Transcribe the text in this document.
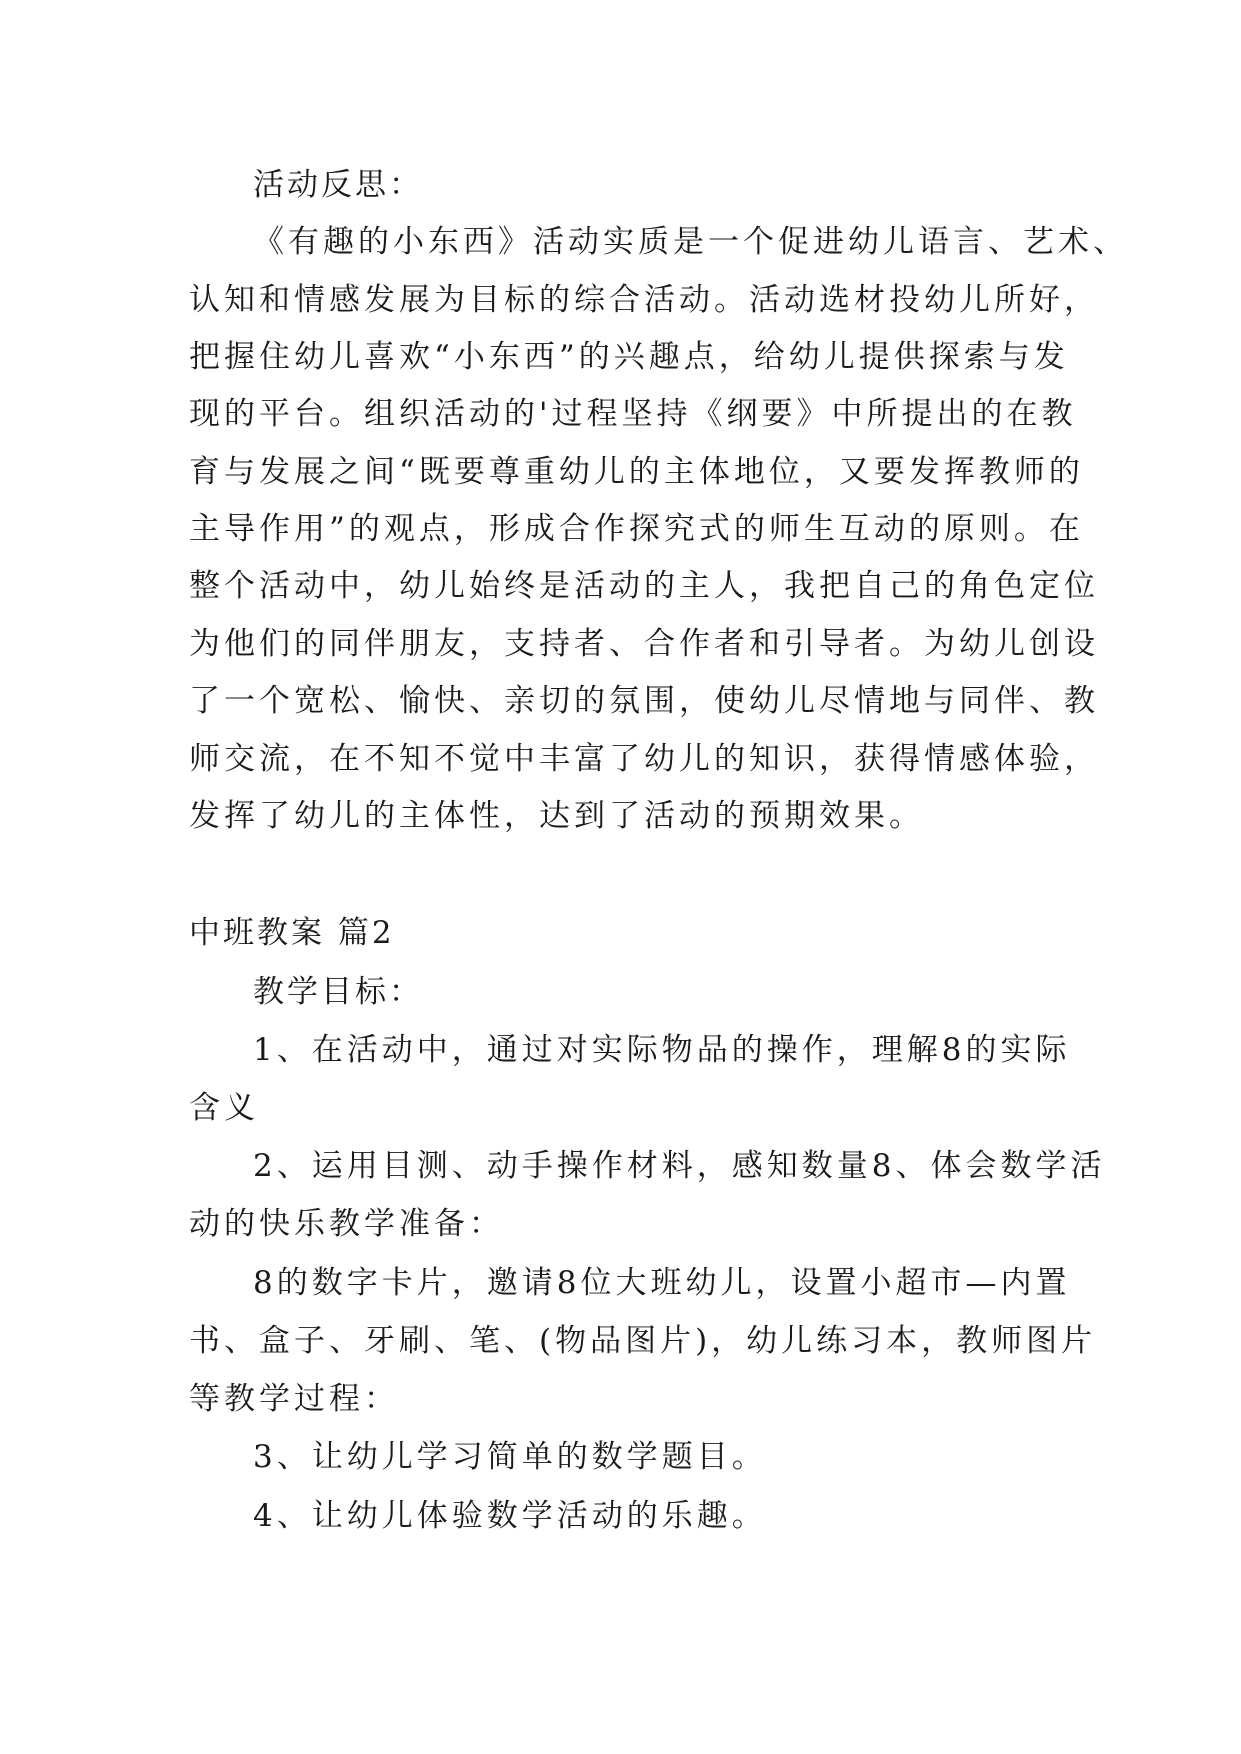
活动反思：
《有趣的小东西》活动实质是一个促进幼儿语言、艺术、
认知和情感发展为目标的综合活动。活动选材投幼儿所好，
把握住幼儿喜欢“小东西”的兴趣点，给幼儿提供探索与发
现的平台。组织活动的'过程坚持《纲要》中所提出的在教
育与发展之间“既要尊重幼儿的主体地位，又要发挥教师的
主导作用”的观点，形成合作探究式的师生互动的原则。在
整个活动中，幼儿始终是活动的主人，我把自己的角色定位
为他们的同伴朋友，支持者、合作者和引导者。为幼儿创设
了一个宽松、愉快、亲切的氛围，使幼儿尽情地与同伴、教
师交流，在不知不觉中丰富了幼儿的知识，获得情感体验，
发挥了幼儿的主体性，达到了活动的预期效果。
中班教案 篇2
教学目标：
1、在活动中，通过对实际物品的操作，理解8的实际
含义
2、运用目测、动手操作材料，感知数量8、体会数学活
动的快乐教学准备：
8的数字卡片，邀请8位大班幼儿，设置小超市—内置
书、盒子、牙刷、笔、(物品图片)，幼儿练习本，教师图片
等教学过程：
3、让幼儿学习简单的数学题目。
4、让幼儿体验数学活动的乐趣。
